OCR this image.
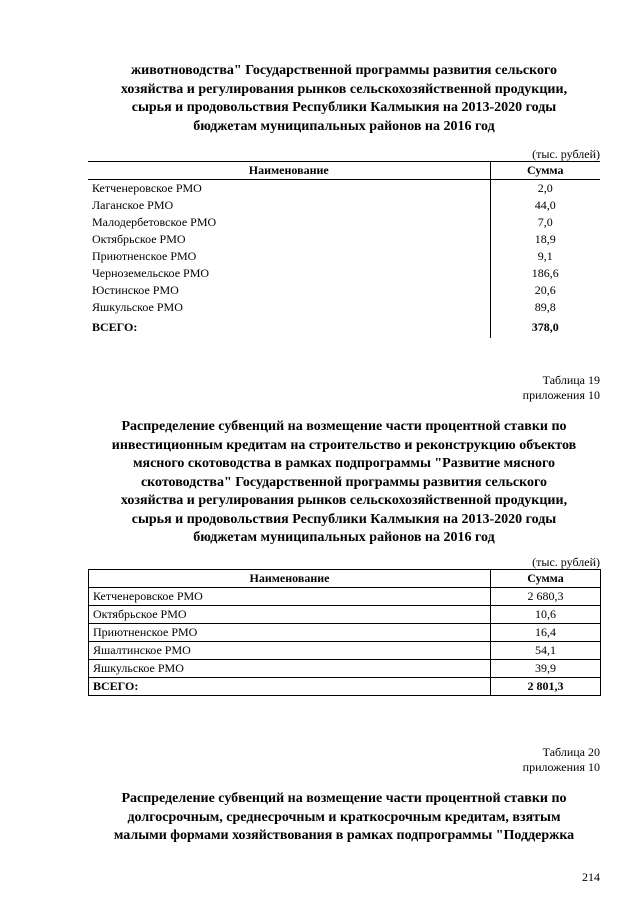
животноводства" Государственной программы развития сельского
хозяйства и регулирования рынков сельскохозяйственной продукции,
сырья и продовольствия Республики Калмыкия на 2013-2020 годы
бюджетам муниципальных районов на 2016 год
(тыс. рублей)
Наименование	Сумма
Кетченеровское РМО	2,0
Лаганское РМО	44,0
Малодербетовское РМО	7,0
Октябрьское РМО	18,9
Приютненское РМО	9,1
Черноземельское РМО	186,6
Юстинское РМО	20,6
Яшкульское РМО	89,8
ВСЕГО:	378,0
Таблица 19
приложения 10
Распределение субвенций на возмещение части процентной ставки по
инвестиционным кредитам на строительство и реконструкцию объектов
мясного скотоводства в рамках подпрограммы "Развитие мясного
скотоводства" Государственной программы развития сельского
хозяйства и регулирования рынков сельскохозяйственной продукции,
сырья и продовольствия Республики Калмыкия на 2013-2020 годы
бюджетам муниципальных районов на 2016 год
(тыс. рублей)
Наименование	Сумма
Кетченеровское РМО	2 680,3
Октябрьское РМО	10,6
Приютненское РМО	16,4
Яшалтинское РМО	54,1
Яшкульское РМО	39,9
ВСЕГО:	2 801,3
Таблица 20
приложения 10
Распределение субвенций на возмещение части процентной ставки по
долгосрочным, среднесрочным и краткосрочным кредитам, взятым
малыми формами хозяйствования в рамках подпрограммы "Поддержка
214
